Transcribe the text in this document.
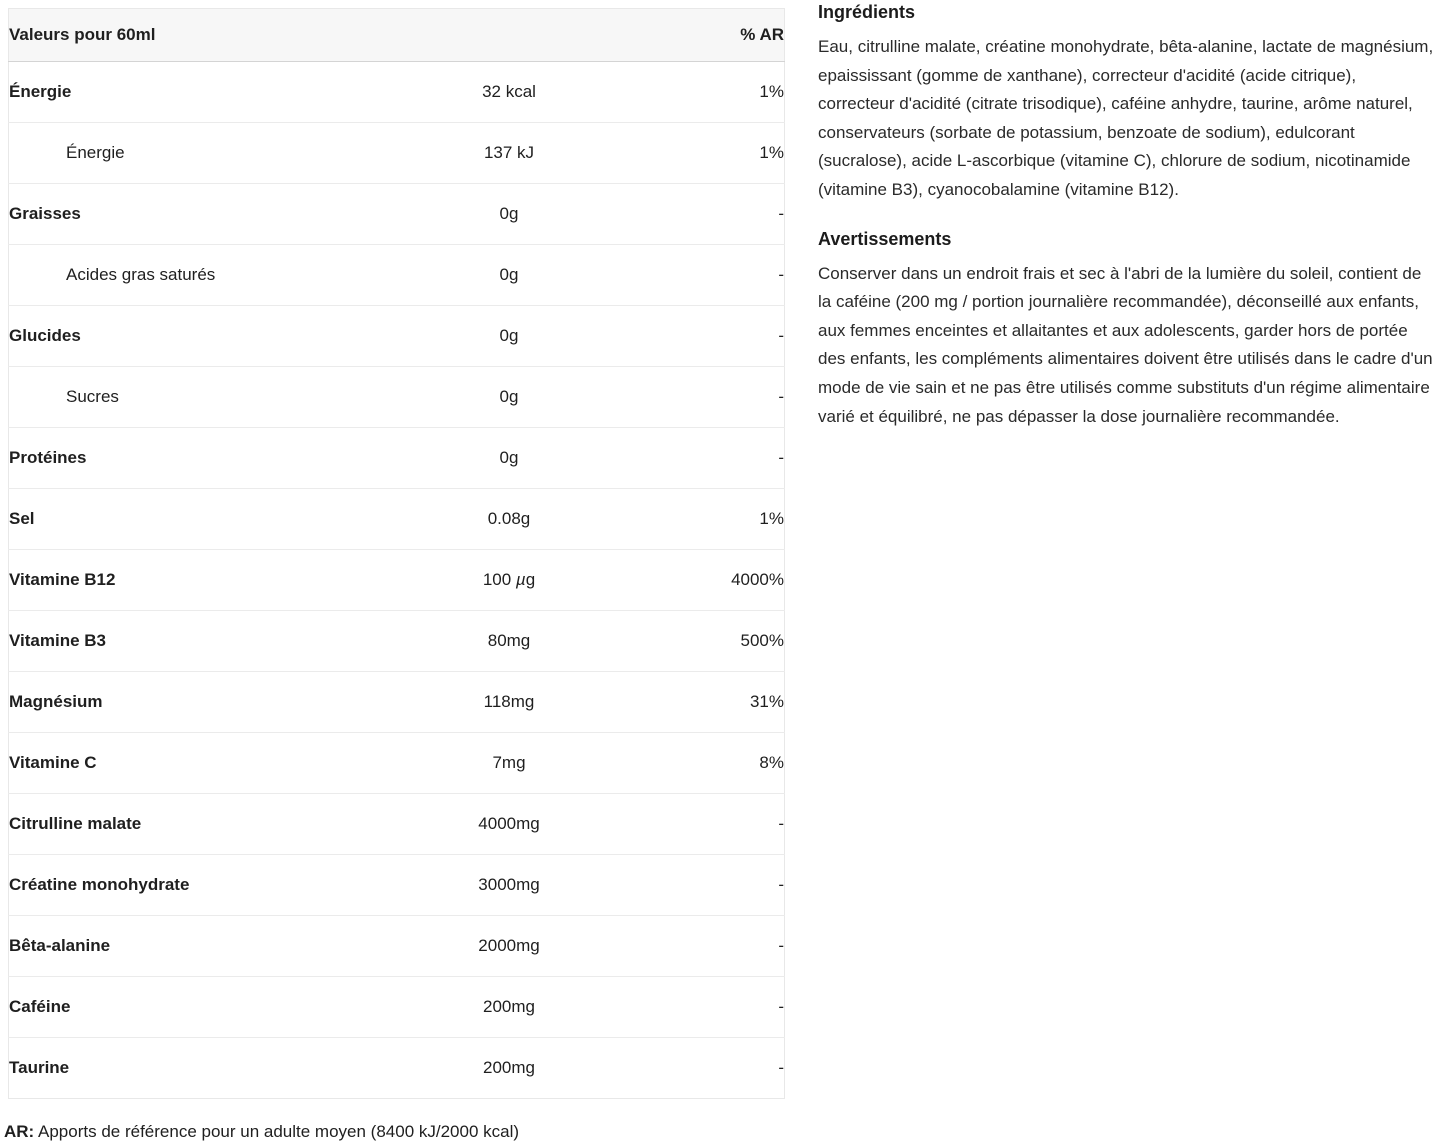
Valeurs pour 60ml		% AR
Énergie	32 kcal	1%
Énergie	137 kJ	1%
Graisses	0g	-
Acides gras saturés	0g	-
Glucides	0g	-
Sucres	0g	-
Protéines	0g	-
Sel	0.08g	1%
Vitamine B12	100 µg	4000%
Vitamine B3	80mg	500%
Magnésium	118mg	31%
Vitamine C	7mg	8%
Citrulline malate	4000mg	-
Créatine monohydrate	3000mg	-
Bêta-alanine	2000mg	-
Caféine	200mg	-
Taurine	200mg	-

AR: Apports de référence pour un adulte moyen (8400 kJ/2000 kcal)

Ingrédients

Eau, citrulline malate, créatine monohydrate, bêta-alanine, lactate de magnésium, epaississant (gomme de xanthane), correcteur d'acidité (acide citrique), correcteur d'acidité (citrate trisodique), caféine anhydre, taurine, arôme naturel, conservateurs (sorbate de potassium, benzoate de sodium), edulcorant (sucralose), acide L-ascorbique (vitamine C), chlorure de sodium, nicotinamide (vitamine B3), cyanocobalamine (vitamine B12).

Avertissements

Conserver dans un endroit frais et sec à l'abri de la lumière du soleil, contient de la caféine (200 mg / portion journalière recommandée), déconseillé aux enfants, aux femmes enceintes et allaitantes et aux adolescents, garder hors de portée des enfants, les compléments alimentaires doivent être utilisés dans le cadre d'un mode de vie sain et ne pas être utilisés comme substituts d'un régime alimentaire varié et équilibré, ne pas dépasser la dose journalière recommandée.
